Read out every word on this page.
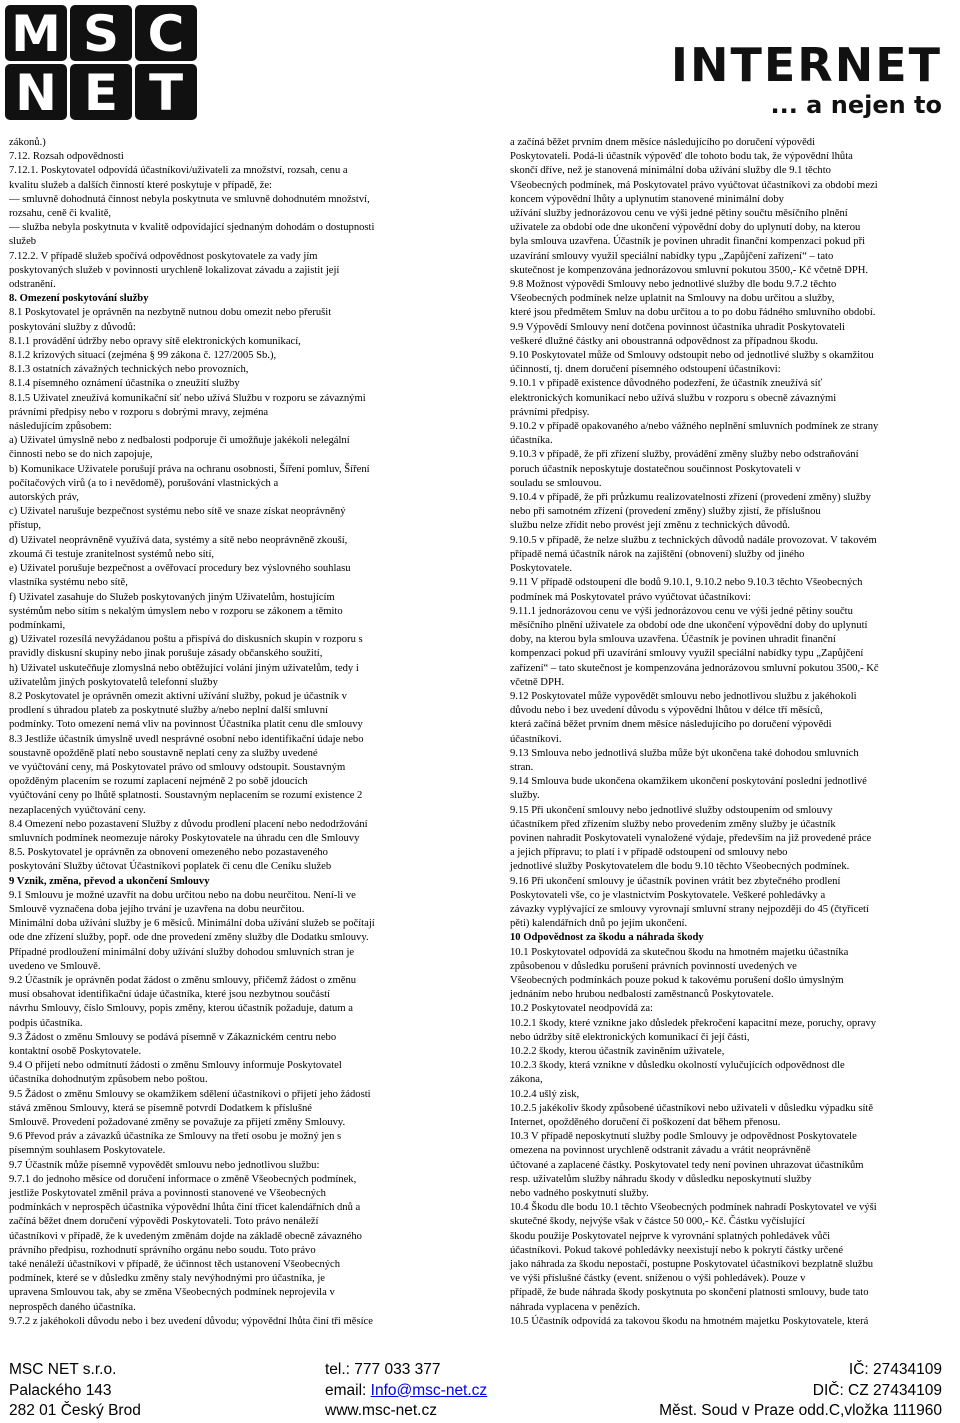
M S C
N E T	INTERNET
... a nejen to

zákonů.)

7.12. Rozsah odpovědnosti

7.12.1. Poskytovatel odpovídá účastníkovi/uživateli za množství, rozsah, cenu a

kvalitu služeb a dalších činností které poskytuje v případě, že:

— smluvně dohodnutá činnost nebyla poskytnuta ve smluvně dohodnutém množství,

rozsahu, ceně či kvalitě,

— služba nebyla poskytnuta v kvalitě odpovídající sjednaným dohodám o dostupnosti

služeb

7.12.2. V případě služeb spočívá odpovědnost poskytovatele za vady jím

poskytovaných služeb v povinnosti urychleně lokalizovat závadu a zajistit její

odstranění.

8. Omezení poskytování služby

8.1 Poskytovatel je oprávněn na nezbytně nutnou dobu omezit nebo přerušit

poskytování služby z důvodů:

8.1.1 provádění údržby nebo opravy sítě elektronických komunikací,

8.1.2 krizových situací (zejména § 99 zákona č. 127/2005 Sb.),

8.1.3 ostatních závažných technických nebo provozních,

8.1.4 písemného oznámení účastníka o zneužití služby

8.1.5 Uživatel zneužívá komunikační síť nebo užívá Službu v rozporu se závaznými

právními předpisy nebo v rozporu s dobrými mravy, zejména

následujícím způsobem:

a) Uživatel úmyslně nebo z nedbalosti podporuje či umožňuje jakékoli nelegální

činnosti nebo se do nich zapojuje,

b) Komunikace Uživatele porušují práva na ochranu osobnosti, Šíření pomluv, Šíření

počítačových virů (a to i nevědomě), porušování vlastnických a

autorských práv,

c) Uživatel narušuje bezpečnost systému nebo sítě ve snaze získat neoprávněný

přístup,

d) Uživatel neoprávněně využívá data, systémy a sítě nebo neoprávněně zkouší,

zkoumá či testuje zranitelnost systémů nebo sítí,

e) Uživatel porušuje bezpečnost a ověřovací procedury bez výslovného souhlasu

vlastníka systému nebo sítě,

f) Uživatel zasahuje do Služeb poskytovaných jiným Uživatelům, hostujícím

systémům nebo sítím s nekalým úmyslem nebo v rozporu se zákonem a těmito

podmínkami,

g) Uživatel rozesílá nevyžádanou poštu a přispívá do diskusních skupin v rozporu s

pravidly diskusní skupiny nebo jinak porušuje zásady občanského soužití,

h) Uživatel uskutečňuje zlomyslná nebo obtěžující volání jiným uživatelům, tedy i

uživatelům jiných poskytovatelů telefonní služby

8.2 Poskytovatel je oprávněn omezit aktivní užívání služby, pokud je účastník v

prodlení s úhradou plateb za poskytnuté služby a/nebo neplní další smluvní

podmínky. Toto omezení nemá vliv na povinnost Účastníka platit cenu dle smlouvy

8.3 Jestliže účastník úmyslně uvedl nesprávné osobní nebo identifikační údaje nebo

soustavně opožděně platí nebo soustavně neplatí ceny za služby uvedené

ve vyúčtování ceny, má Poskytovatel právo od smlouvy odstoupit. Soustavným

opožděným placením se rozumí zaplacení nejméně 2 po sobě jdoucích

vyúčtování ceny po lhůtě splatnosti. Soustavným neplacením se rozumí existence 2

nezaplacených vyúčtování ceny.

8.4 Omezení nebo pozastavení Služby z důvodu prodlení placení nebo nedodržování

smluvních podmínek neomezuje nároky Poskytovatele na úhradu cen dle Smlouvy

8.5. Poskytovatel je oprávněn za obnovení omezeného nebo pozastaveného

poskytování Služby účtovat Účastníkovi poplatek či cenu dle Ceníku služeb

9 Vznik, změna, převod a ukončení Smlouvy

9.1 Smlouvu je možné uzavřít na dobu určitou nebo na dobu neurčitou. Není-li ve

Smlouvě vyznačena doba jejího trvání je uzavřena na dobu neurčitou.

Minimální doba užívání služby je 6 měsíců. Minimální doba užívání služeb se počítají

ode dne zřízení služby, popř. ode dne provedení změny služby dle Dodatku smlouvy.

Případné prodloužení minimální doby užívání služby dohodou smluvních stran je

uvedeno ve Smlouvě.

9.2 Účastník je oprávněn podat žádost o změnu smlouvy, přičemž žádost o změnu

musí obsahovat identifikační údaje účastníka, které jsou nezbytnou součástí

návrhu Smlouvy, číslo Smlouvy, popis změny, kterou účastník požaduje, datum a

podpis účastníka.

9.3 Žádost o změnu Smlouvy se podává písemně v Zákaznickém centru nebo

kontaktní osobě Poskytovatele.

9.4 O přijetí nebo odmítnutí žádosti o změnu Smlouvy informuje Poskytovatel

účastníka dohodnutým způsobem nebo poštou.

9.5 Žádost o změnu Smlouvy se okamžikem sdělení účastníkovi o přijetí jeho žádosti

stává změnou Smlouvy, která se písemně potvrdí Dodatkem k příslušné

Smlouvě. Provedení požadované změny se považuje za přijetí změny Smlouvy.

9.6 Převod práv a závazků účastníka ze Smlouvy na třetí osobu je možný jen s

písemným souhlasem Poskytovatele.

9.7 Účastník může písemně vypovědět smlouvu nebo jednotlivou službu:

9.7.1 do jednoho měsíce od doručení informace o změně Všeobecných podmínek,

jestliže Poskytovatel změnil práva a povinnosti stanovené ve Všeobecných

podmínkách v neprospěch účastníka výpovědní lhůta činí třicet kalendářních dnů a

začíná běžet dnem doručení výpovědi Poskytovateli. Toto právo nenáleží

účastníkovi v případě, že k uvedeným změnám dojde na základě obecně závazného

právního předpisu, rozhodnutí správního orgánu nebo soudu. Toto právo

také nenáleží účastníkovi v případě, že účinnost těch ustanovení Všeobecných

podmínek, které se v důsledku změny staly nevýhodnými pro účastníka, je

upravena Smlouvou tak, aby se změna Všeobecných podmínek neprojevila v

neprospěch daného účastníka.

9.7.2 z jakéhokoli důvodu nebo i bez uvedení důvodu; výpovědní lhůta činí tři měsíce

a začíná běžet prvním dnem měsíce následujícího po doručení výpovědi

Poskytovateli. Podá-li účastník výpověď dle tohoto bodu tak, že výpovědní lhůta

skončí dříve, než je stanovená minimální doba užívání služby dle 9.1 těchto

Všeobecných podmínek, má Poskytovatel právo vyúčtovat účastníkovi za období mezi

koncem výpovědní lhůty a uplynutím stanovené minimální doby

užívání služby jednorázovou cenu ve výši jedné pětiny součtu měsíčního plnění

uživatele za období ode dne ukončení výpovědní doby do uplynutí doby, na kterou

byla smlouva uzavřena. Účastník je povinen uhradit finanční kompenzaci pokud při

uzavírání smlouvy využil speciální nabídky typu „Zapůjčení zařízení“ – tato

skutečnost je kompenzována jednorázovou smluvní pokutou 3500,- Kč včetně DPH.

9.8 Možnost výpovědi Smlouvy nebo jednotlivé služby dle bodu 9.7.2 těchto

Všeobecných podmínek nelze uplatnit na Smlouvy na dobu určitou a služby,

které jsou předmětem Smluv na dobu určitou a to po dobu řádného smluvního období.

9.9 Výpovědí Smlouvy není dotčena povinnost účastníka uhradit Poskytovateli

veškeré dlužné částky ani oboustranná odpovědnost za případnou škodu.

9.10 Poskytovatel může od Smlouvy odstoupit nebo od jednotlivé služby s okamžitou

účinností, tj. dnem doručení písemného odstoupení účastníkovi:

9.10.1 v případě existence důvodného podezření, že účastník zneužívá síť

elektronických komunikací nebo užívá službu v rozporu s obecně závaznými

právními předpisy.

9.10.2 v případě opakovaného a/nebo vážného neplnění smluvních podmínek ze strany

účastníka.

9.10.3 v případě, že při zřízení služby, provádění změny služby nebo odstraňování

poruch účastník neposkytuje dostatečnou součinnost Poskytovateli v

souladu se smlouvou.

9.10.4 v případě, že při průzkumu realizovatelnosti zřízení (provedení změny) služby

nebo při samotném zřízení (provedení změny) služby zjistí, že příslušnou

službu nelze zřídit nebo provést její změnu z technických důvodů.

9.10.5 v případě, že nelze službu z technických důvodů nadále provozovat. V takovém

případě nemá účastník nárok na zajištění (obnovení) služby od jiného

Poskytovatele.

9.11 V případě odstoupení dle bodů 9.10.1, 9.10.2 nebo 9.10.3 těchto Všeobecných

podmínek má Poskytovatel právo vyúčtovat účastníkovi:

9.11.1 jednorázovou cenu ve výši jednorázovou cenu ve výši jedné pětiny součtu

měsíčního plnění uživatele za období ode dne ukončení výpovědní doby do uplynutí

doby, na kterou byla smlouva uzavřena. Účastník je povinen uhradit finanční

kompenzaci pokud při uzavírání smlouvy využil speciální nabídky typu „Zapůjčení

zařízení“ – tato skutečnost je kompenzována jednorázovou smluvní pokutou 3500,- Kč

včetně DPH.

9.12 Poskytovatel může vypovědět smlouvu nebo jednotlivou službu z jakéhokoli

důvodu nebo i bez uvedení důvodu s výpovědní lhůtou v délce tří měsíců,

která začíná běžet prvním dnem měsíce následujícího po doručení výpovědi

účastníkovi.

9.13 Smlouva nebo jednotlivá služba může být ukončena také dohodou smluvních

stran.

9.14 Smlouva bude ukončena okamžikem ukončení poskytování poslední jednotlivé

služby.

9.15 Při ukončení smlouvy nebo jednotlivé služby odstoupením od smlouvy

účastníkem před zřízením služby nebo provedením změny služby je účastník

povinen nahradit Poskytovateli vynaložené výdaje, především na již provedené práce

a jejich přípravu; to platí i v případě odstoupení od smlouvy nebo

jednotlivé služby Poskytovatelem dle bodu 9.10 těchto Všeobecných podmínek.

9.16 Při ukončení smlouvy je účastník povinen vrátit bez zbytečného prodlení

Poskytovateli vše, co je vlastnictvím Poskytovatele. Veškeré pohledávky a

závazky vyplývající ze smlouvy vyrovnají smluvní strany nejpozději do 45 (čtyřicetí

pěti) kalendářních dnů po jejím ukončení.

10 Odpovědnost za škodu a náhrada škody

10.1 Poskytovatel odpovídá za skutečnou škodu na hmotném majetku účastníka

způsobenou v důsledku porušení právních povinností uvedených ve

Všeobecných podmínkách pouze pokud k takovému porušení došlo úmyslným

jednáním nebo hrubou nedbalostí zaměstnanců Poskytovatele.

10.2 Poskytovatel neodpovídá za:

10.2.1 škody, které vznikne jako důsledek překročení kapacitní meze, poruchy, opravy

nebo údržby sítě elektronických komunikací či její části,

10.2.2 škody, kterou účastník zaviněním uživatele,

10.2.3 škody, která vznikne v důsledku okolností vylučujících odpovědnost dle

zákona,

10.2.4 ušlý zisk,

10.2.5 jakékoliv škody způsobené účastníkovi nebo uživateli v důsledku výpadku sítě

Internet, opožděného doručení či poškození dat během přenosu.

10.3 V případě neposkytnutí služby podle Smlouvy je odpovědnost Poskytovatele

omezena na povinnost urychleně odstranit závadu a vrátit neoprávněně

účtované a zaplacené částky. Poskytovatel tedy není povinen uhrazovat účastníkům

resp. uživatelům služby náhradu škody v důsledku neposkytnutí služby

nebo vadného poskytnutí služby.

10.4 Škodu dle bodu 10.1 těchto Všeobecných podmínek nahradí Poskytovatel ve výši

skutečné škody, nejvýše však v částce 50 000,- Kč. Částku vyčíslující

škodu použije Poskytovatel nejprve k vyrovnání splatných pohledávek vůči

účastníkovi. Pokud takové pohledávky neexistují nebo k pokrytí částky určené

jako náhrada za škodu nepostačí, postupne Poskytovatel účastníkovi bezplatně službu

ve výši příslušné částky (event. sníženou o výši pohledávek). Pouze v

případě, že bude náhrada škody poskytnuta po skončení platnosti smlouvy, bude tato

náhrada vyplacena v penězích.

10.5 Účastník odpovídá za takovou škodu na hmotném majetku Poskytovatele, která

MSC NET s.r.o.
Palackého 143
282 01 Český Brod
tel.: 777 033 377
email: Info@msc-net.cz
www.msc-net.cz
IČ: 27434109
DIČ: CZ 27434109
Měst. Soud v Praze odd.C,vložka 111960
